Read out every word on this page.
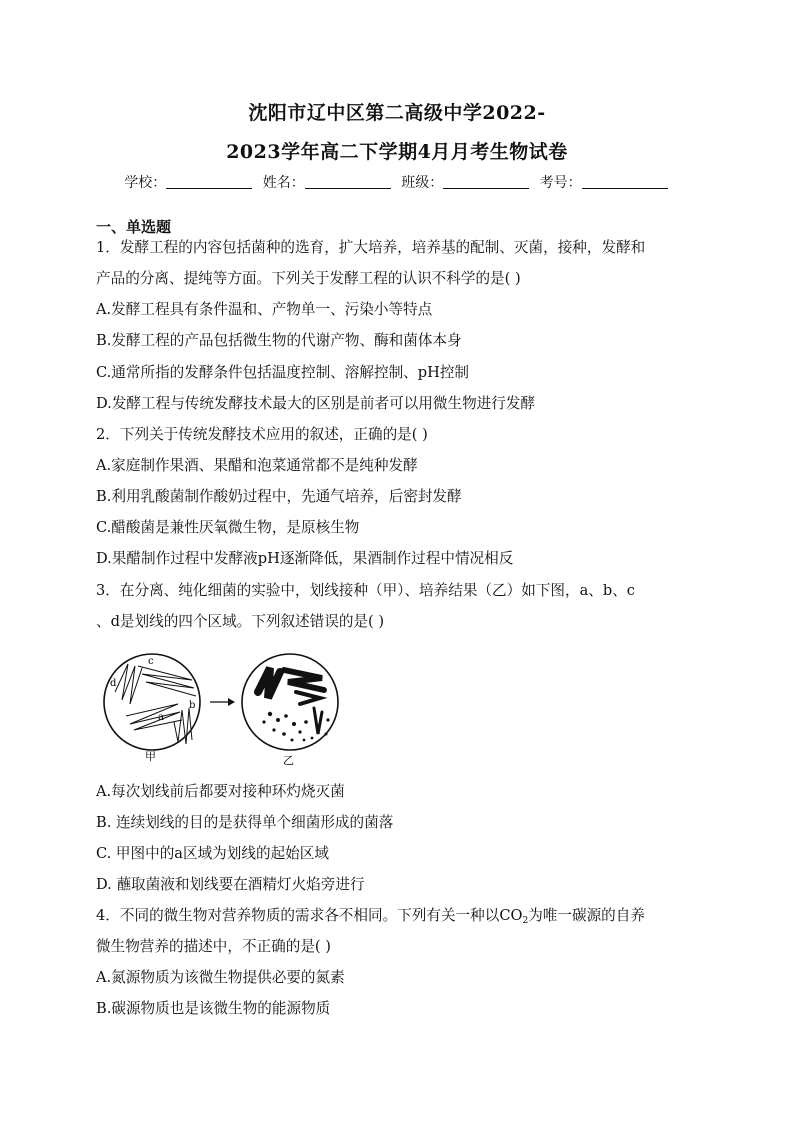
沈阳市辽中区第二高级中学2022-
2023学年高二下学期4月月考生物试卷
学校：	姓名：	班级：	考号：
一、单选题
1．发酵工程的内容包括菌种的选育，扩大培养，培养基的配制、灭菌，接种，发酵和
产品的分离、提纯等方面。下列关于发酵工程的认识不科学的是( )
A.发酵工程具有条件温和、产物单一、污染小等特点
B.发酵工程的产品包括微生物的代谢产物、酶和菌体本身
C.通常所指的发酵条件包括温度控制、溶解控制、pH控制
D.发酵工程与传统发酵技术最大的区别是前者可以用微生物进行发酵
2．下列关于传统发酵技术应用的叙述，正确的是( )
A.家庭制作果酒、果醋和泡菜通常都不是纯种发酵
B.利用乳酸菌制作酸奶过程中，先通气培养，后密封发酵
C.醋酸菌是兼性厌氧微生物，是原核生物
D.果醋制作过程中发酵液pH逐渐降低，果酒制作过程中情况相反
3．在分离、纯化细菌的实验中，划线接种（甲）、培养结果（乙）如下图，a、b、c
、d是划线的四个区域。下列叙述错误的是( )
d
c
b
a
甲	乙
A.每次划线前后都要对接种环灼烧灭菌
B. 连续划线的目的是获得单个细菌形成的菌落
C. 甲图中的a区域为划线的起始区域
D. 蘸取菌液和划线要在酒精灯火焰旁进行
4．不同的微生物对营养物质的需求各不相同。下列有关一种以$CO_2$为唯一碳源的自养
微生物营养的描述中，不正确的是( )
A.氮源物质为该微生物提供必要的氮素
B.碳源物质也是该微生物的能源物质
